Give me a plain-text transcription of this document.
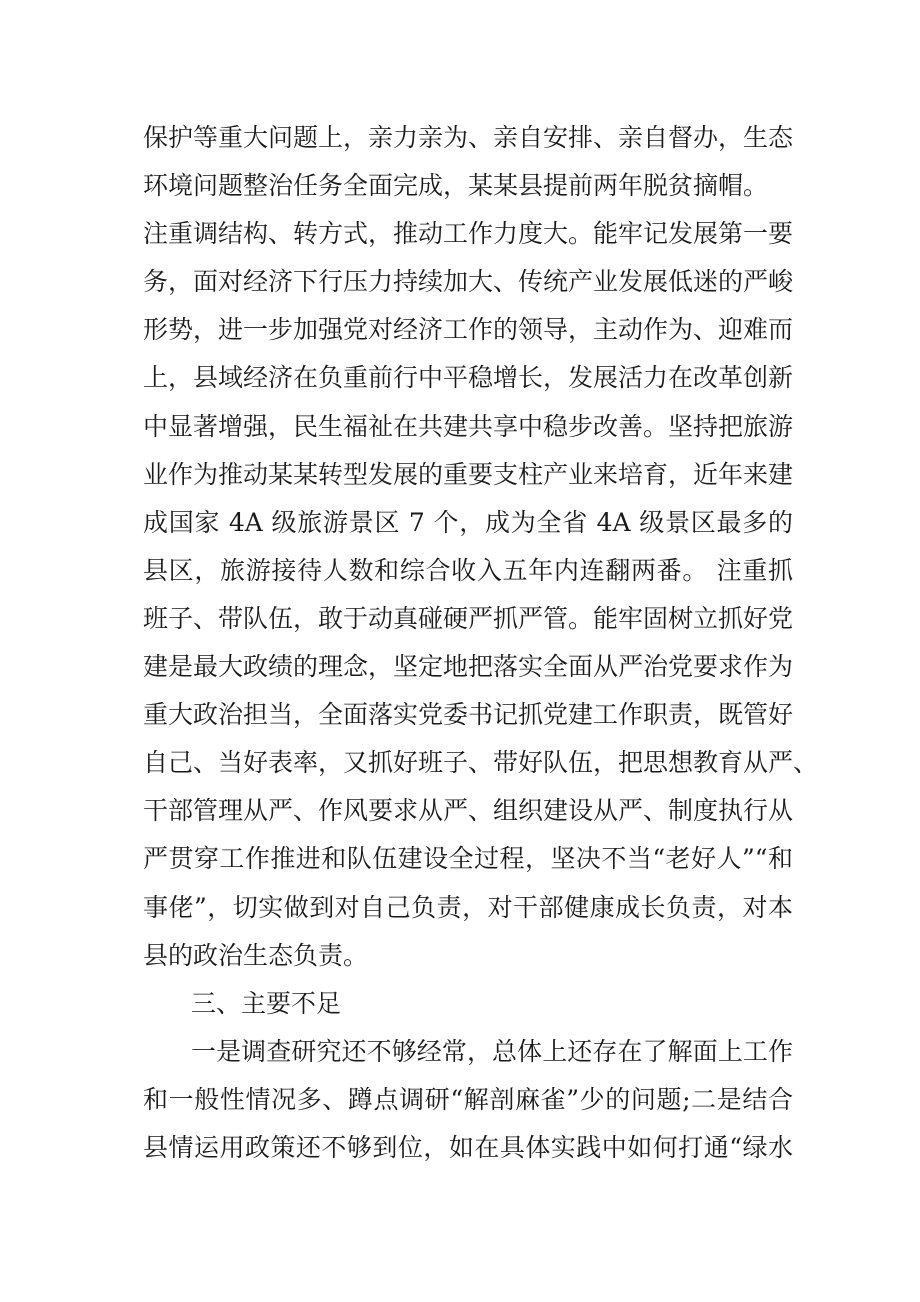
保护等重大问题上，亲力亲为、亲自安排、亲自督办，生态
环境问题整治任务全面完成，某某县提前两年脱贫摘帽。
注重调结构、转方式，推动工作力度大。能牢记发展第一要
务，面对经济下行压力持续加大、传统产业发展低迷的严峻
形势，进一步加强党对经济工作的领导，主动作为、迎难而
上，县域经济在负重前行中平稳增长，发展活力在改革创新
中显著增强，民生福祉在共建共享中稳步改善。坚持把旅游
业作为推动某某转型发展的重要支柱产业来培育，近年来建
成国家 4A 级旅游景区 7 个，成为全省 4A 级景区最多的
县区，旅游接待人数和综合收入五年内连翻两番。 注重抓
班子、带队伍，敢于动真碰硬严抓严管。能牢固树立抓好党
建是最大政绩的理念，坚定地把落实全面从严治党要求作为
重大政治担当，全面落实党委书记抓党建工作职责，既管好
自己、当好表率，又抓好班子、带好队伍，把思想教育从严、
干部管理从严、作风要求从严、组织建设从严、制度执行从
严贯穿工作推进和队伍建设全过程，坚决不当“老好人”“和
事佬”，切实做到对自己负责，对干部健康成长负责，对本
县的政治生态负责。
三、主要不足
一是调查研究还不够经常，总体上还存在了解面上工作
和一般性情况多、蹲点调研“解剖麻雀”少的问题;二是结合
县情运用政策还不够到位，如在具体实践中如何打通“绿水
